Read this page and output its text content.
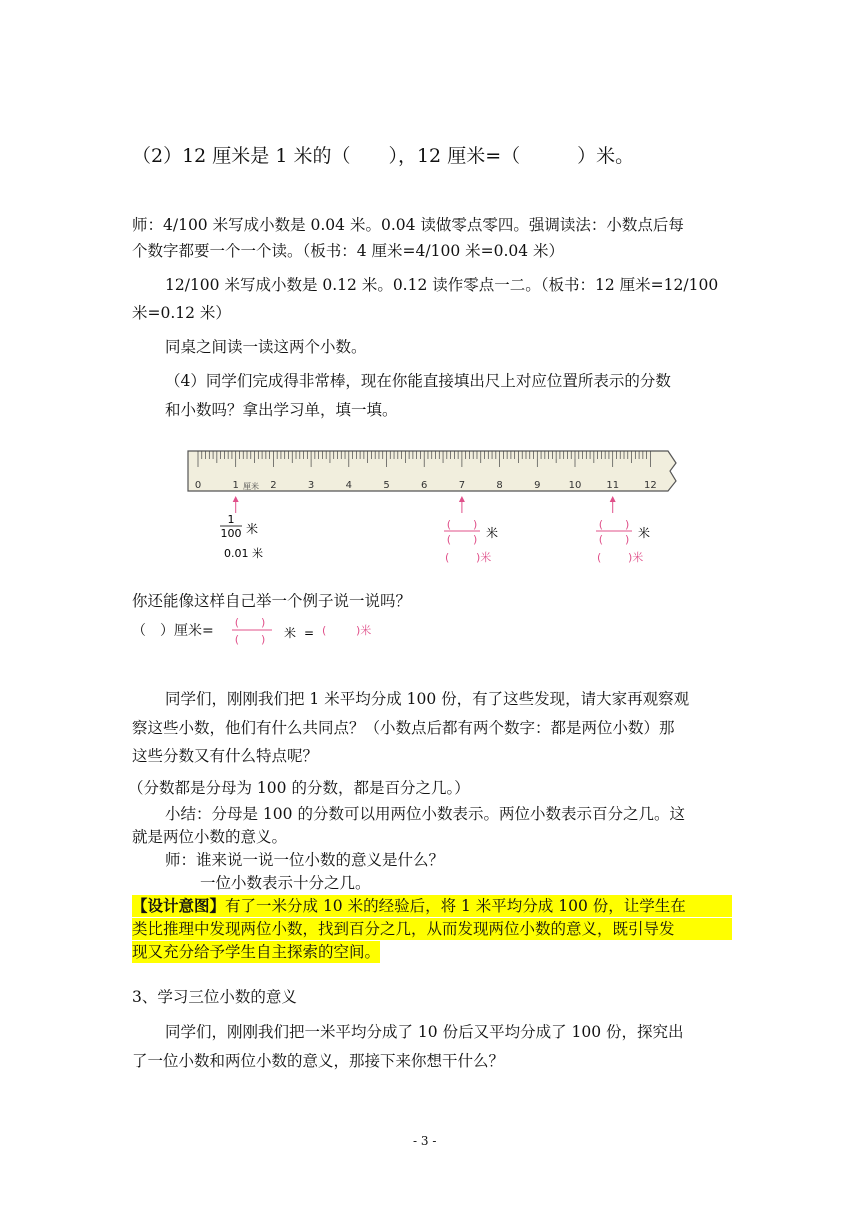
（2）12 厘米是 1 米的（　　），12 厘米=（　　　）米。
师：4/100 米写成小数是 0.04 米。0.04 读做零点零四。强调读法：小数点后每
个数字都要一个一个读。（板书：4 厘米=4/100 米=0.04 米）
12/100 米写成小数是 0.12 米。0.12 读作零点一二。（板书：12 厘米=12/100
米=0.12 米）
同桌之间读一读这两个小数。
（4）同学们完成得非常棒，现在你能直接填出尺上对应位置所表示的分数
和小数吗？拿出学习单，填一填。
0	1	2	3	4	5	6	7	8	9	10 11 12
厘米
1
100 米
0.01 米
(　　)
(　　) 米
(　　 )米
(　　)
(　　) 米
(　　 )米
你还能像这样自己举一个例子说一说吗？
（　）厘米=
(　　)
(　　) 米 = (　　 )米
同学们，刚刚我们把 1 米平均分成 100 份，有了这些发现，请大家再观察观
察这些小数，他们有什么共同点？（小数点后都有两个数字：都是两位小数）那
这些分数又有什么特点呢？
（分数都是分母为 100 的分数，都是百分之几。）
小结：分母是 100 的分数可以用两位小数表示。两位小数表示百分之几。这
就是两位小数的意义。
师：谁来说一说一位小数的意义是什么？
一位小数表示十分之几。
【设计意图】有了一米分成 10 米的经验后，将 1 米平均分成 100 份，让学生在
类比推理中发现两位小数，找到百分之几，从而发现两位小数的意义，既引导发
现又充分给予学生自主探索的空间。
3、学习三位小数的意义
同学们，刚刚我们把一米平均分成了 10 份后又平均分成了 100 份，探究出
了一位小数和两位小数的意义，那接下来你想干什么？
- 3 -
